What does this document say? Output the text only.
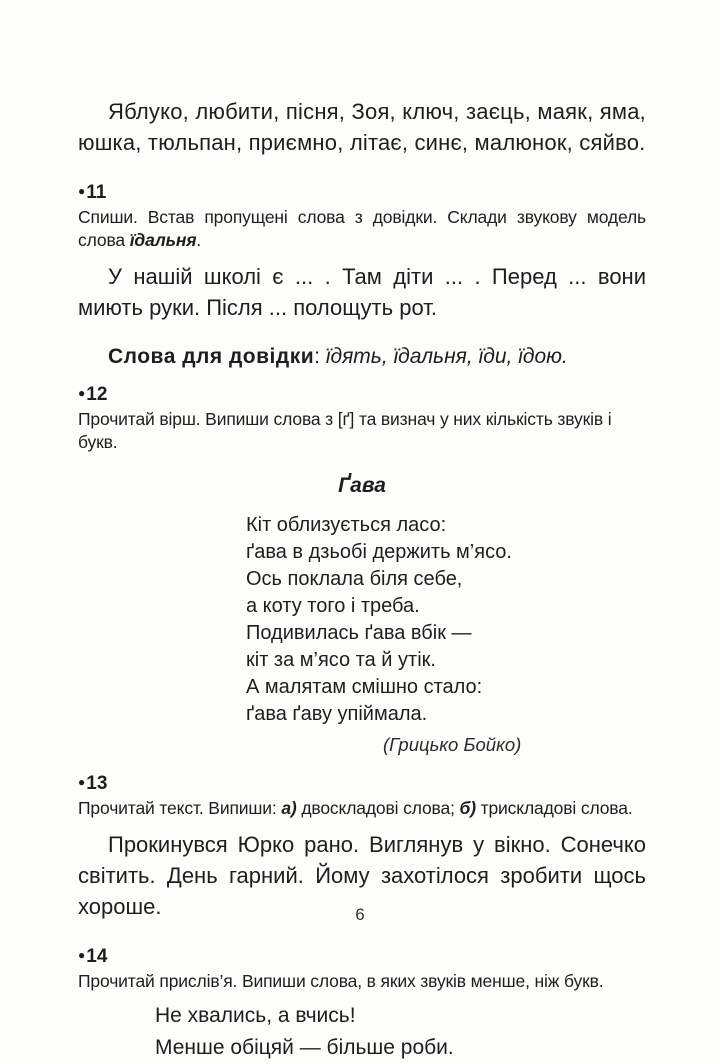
Яблуко, любити, пісня, Зоя, ключ, заєць, маяк, яма, юшка, тюльпан, приємно, літає, синє, малюнок, сяйво.

●11
Спиши. Встав пропущені слова з довідки. Склади звукову модель слова їдальня.

У нашій школі є ... . Там діти ... . Перед ... вони миють руки. Після ... полощуть рот.

Слова для довідки: їдять, їдальня, їди, їдою.
●12
Прочитай вірш. Випиши слова з [ґ] та визнач у них кількість звуків і букв.
Ґава
Кіт облизується ласо:
ґава в дзьобі держить м’ясо.
Ось поклала біля себе,
а коту того і треба.
Подивилась ґава вбік —
кіт за м’ясо та й утік.
А малятам смішно стало:
ґава ґаву упіймала.
(Грицько Бойко)
●13
Прочитай текст. Випиши: а) двоскладові слова; б) трискладові слова.

Прокинувся Юрко рано. Виглянув у вікно. Сонечко світить. День гарний. Йому захотілося зробити щось хороше.

●14
Прочитай прислів’я. Випиши слова, в яких звуків менше, ніж букв.
Не хвались, а вчись!
Менше обіцяй — більше роби.
6
